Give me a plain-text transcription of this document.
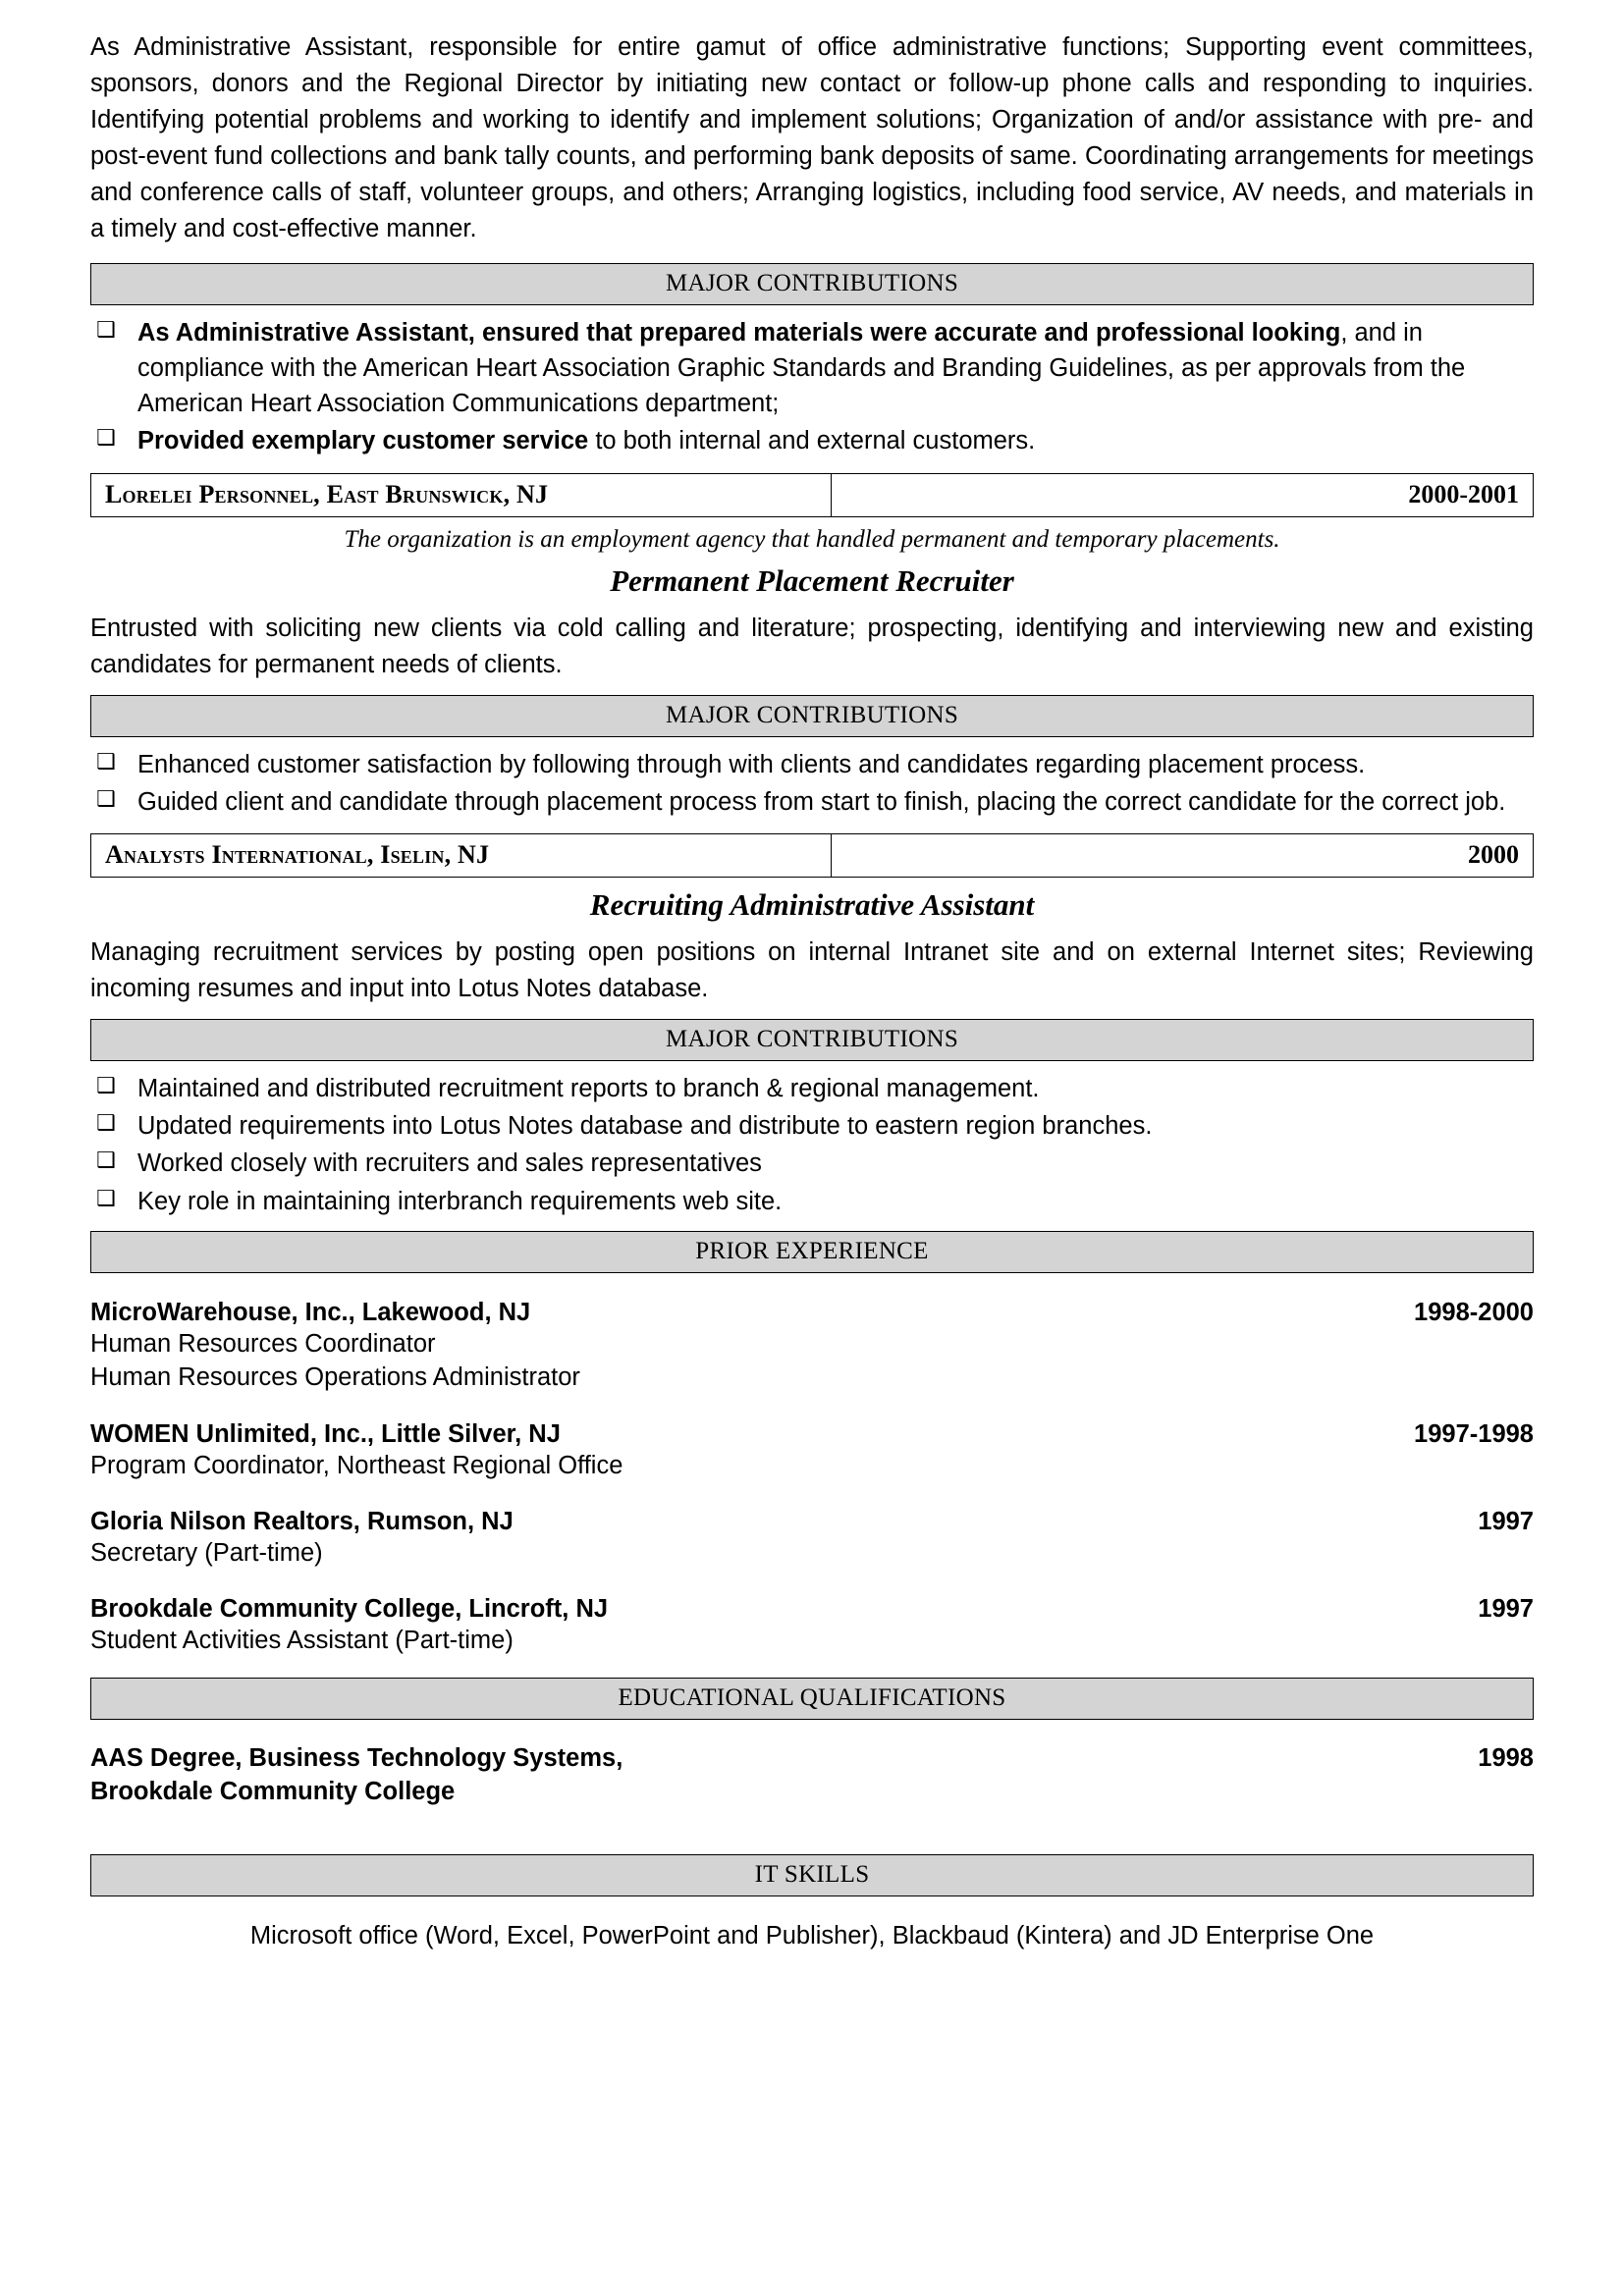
As Administrative Assistant, responsible for entire gamut of office administrative functions; Supporting event committees, sponsors, donors and the Regional Director by initiating new contact or follow-up phone calls and responding to inquiries. Identifying potential problems and working to identify and implement solutions; Organization of and/or assistance with pre- and post-event fund collections and bank tally counts, and performing bank deposits of same. Coordinating arrangements for meetings and conference calls of staff, volunteer groups, and others; Arranging logistics, including food service, AV needs, and materials in a timely and cost-effective manner.

MAJOR CONTRIBUTIONS
❑ As Administrative Assistant, ensured that prepared materials were accurate and professional looking, and in compliance with the American Heart Association Graphic Standards and Branding Guidelines, as per approvals from the American Heart Association Communications department;
❑ Provided exemplary customer service to both internal and external customers.
Lorelei Personnel, East Brunswick, NJ	2000-2001
The organization is an employment agency that handled permanent and temporary placements.
Permanent Placement Recruiter

Entrusted with soliciting new clients via cold calling and literature; prospecting, identifying and interviewing new and existing candidates for permanent needs of clients.

MAJOR CONTRIBUTIONS
❑ Enhanced customer satisfaction by following through with clients and candidates regarding placement process.
❑ Guided client and candidate through placement process from start to finish, placing the correct candidate for the correct job.
Analysts International, Iselin, NJ	2000
Recruiting Administrative Assistant

Managing recruitment services by posting open positions on internal Intranet site and on external Internet sites; Reviewing incoming resumes and input into Lotus Notes database.

MAJOR CONTRIBUTIONS
❑ Maintained and distributed recruitment reports to branch & regional management.
❑ Updated requirements into Lotus Notes database and distribute to eastern region branches.
❑ Worked closely with recruiters and sales representatives
❑ Key role in maintaining interbranch requirements web site.
PRIOR EXPERIENCE
MicroWarehouse, Inc., Lakewood, NJ	1998-2000
Human Resources Coordinator
Human Resources Operations Administrator
WOMEN Unlimited, Inc., Little Silver, NJ	1997-1998
Program Coordinator, Northeast Regional Office
Gloria Nilson Realtors, Rumson, NJ	1997
Secretary (Part-time)
Brookdale Community College, Lincroft, NJ	1997
Student Activities Assistant (Part-time)
EDUCATIONAL QUALIFICATIONS
AAS Degree, Business Technology Systems,
Brookdale Community College
1998
IT SKILLS
Microsoft office (Word, Excel, PowerPoint and Publisher), Blackbaud (Kintera) and JD Enterprise One
